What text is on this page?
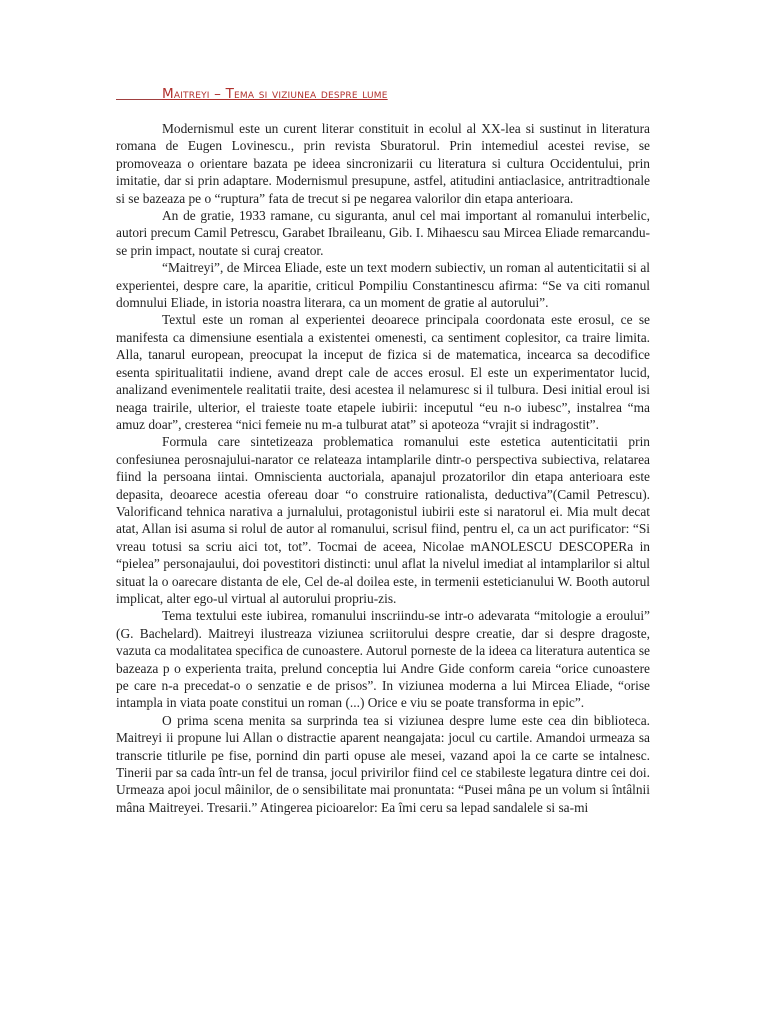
Maitreyi – Tema si viziunea despre lume

Modernismul este un curent literar constituit in ecolul al XX-lea si sustinut in literatura romana de Eugen Lovinescu., prin revista Sburatorul. Prin intemediul acestei revise, se promoveaza o orientare bazata pe ideea sincronizarii cu literatura si cultura Occidentului, prin imitatie, dar si prin adaptare. Modernismul presupune, astfel, atitudini antiaclasice, antritradtionale si se bazeaza pe o “ruptura” fata de trecut si pe negarea valorilor din etapa anterioara.

An de gratie, 1933 ramane, cu siguranta, anul cel mai important al romanului interbelic, autori precum Camil Petrescu, Garabet Ibraileanu, Gib. I. Mihaescu sau Mircea Eliade remarcandu-se prin impact, noutate si curaj creator.

“Maitreyi”, de Mircea Eliade, este un text modern subiectiv, un roman al autenticitatii si al experientei, despre care, la aparitie, criticul Pompiliu Constantinescu afirma: “Se va citi romanul domnului Eliade, in istoria noastra literara, ca un moment de gratie al autorului”.

Textul este un roman al experientei deoarece principala coordonata este erosul, ce se manifesta ca dimensiune esentiala a existentei omenesti, ca sentiment coplesitor, ca traire limita. Alla, tanarul european, preocupat la inceput de fizica si de matematica, incearca sa decodifice esenta spiritualitatii indiene, avand drept cale de acces erosul. El este un experimentator lucid, analizand evenimentele realitatii traite, desi acestea il nelamuresc si il tulbura. Desi initial eroul isi neaga trairile, ulterior, el traieste toate etapele iubirii: inceputul “eu n-o iubesc”, instalrea “ma amuz doar”, cresterea “nici femeie nu m-a tulburat atat” si apoteoza “vrajit si indragostit”.

Formula care sintetizeaza problematica romanului este estetica autenticitatii prin confesiunea perosnajului-narator ce relateaza intamplarile dintr-o perspectiva subiectiva, relatarea fiind la persoana iintai. Omniscienta auctoriala, apanajul prozatorilor din etapa anterioara este depasita, deoarece acestia ofereau doar “o construire rationalista, deductiva”(Camil Petrescu). Valorificand tehnica narativa a jurnalului, protagonistul iubirii este si naratorul ei. Mia mult decat atat, Allan isi asuma si rolul de autor al romanului, scrisul fiind, pentru el, ca un act purificator: “Si vreau totusi sa scriu aici tot, tot”. Tocmai de aceea, Nicolae mANOLESCU DESCOPERa in “pielea” personajaului, doi povestitori distincti: unul aflat la nivelul imediat al intamplarilor si altul situat la o oarecare distanta de ele, Cel de-al doilea este, in termenii esteticianului W. Booth autorul implicat, alter ego-ul virtual al autorului propriu-zis.

Tema textului este iubirea, romanului inscriindu-se intr-o adevarata “mitologie a eroului” (G. Bachelard). Maitreyi ilustreaza viziunea scriitorului despre creatie, dar si despre dragoste, vazuta ca modalitatea specifica de cunoastere. Autorul porneste de la ideea ca literatura autentica se bazeaza p o experienta traita, prelund conceptia lui Andre Gide conform careia “orice cunoastere pe care n-a precedat-o o senzatie e de prisos”. In viziunea moderna a lui Mircea Eliade, “orise intampla in viata poate constitui un roman (...) Orice e viu se poate transforma in epic”.

O prima scena menita sa surprinda tea si viziunea despre lume este cea din biblioteca. Maitreyi ii propune lui Allan o distractie aparent neangajata: jocul cu cartile. Amandoi urmeaza sa transcrie titlurile pe fise, pornind din parti opuse ale mesei, vazand apoi la ce carte se intalnesc. Tinerii par sa cada într-un fel de transa, jocul privirilor fiind cel ce stabileste legatura dintre cei doi. Urmeaza apoi jocul mâinilor, de o sensibilitate mai pronuntata: “Pusei mâna pe un volum si întâlnii mâna Maitreyei. Tresarii.” Atingerea picioarelor: Ea îmi ceru sa lepad sandalele si sa-mi
